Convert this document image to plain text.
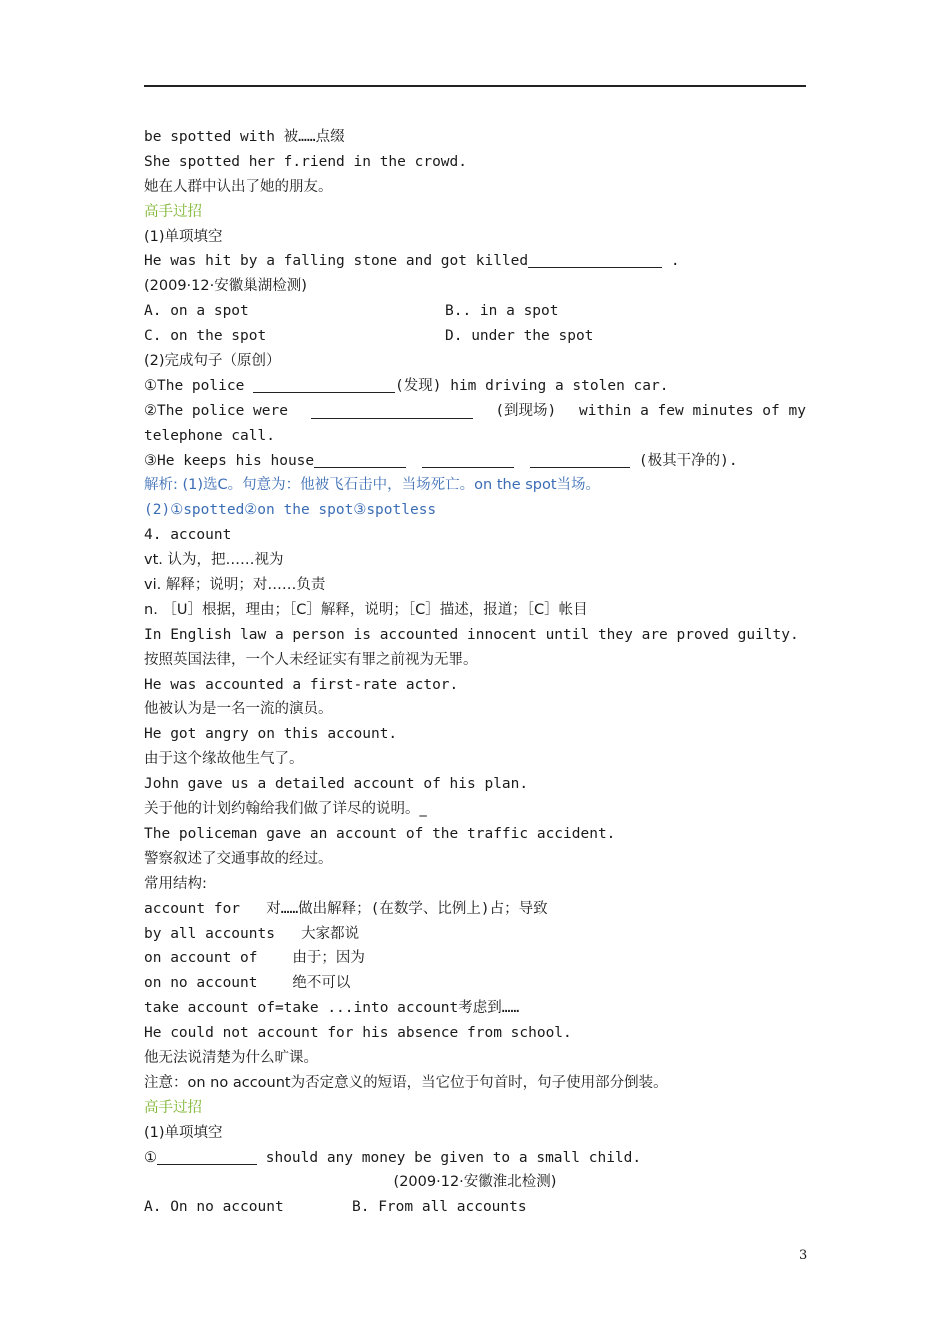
be spotted with 被……点缀
She spotted her f.riend in the crowd.
她在人群中认出了她的朋友。
高手过招
(1)单项填空
He was hit by a falling stone and got killed	.
(2009·12·安徽巢湖检测)
A. on a spot	B.. in a spot
C. on the spot	D. under the spot
(2)完成句子（原创）
①The police	(发现) him driving a stolen car.
②The police were	(到现场) within a few minutes of my
telephone call.
③He keeps his house	(极其干净的).
解析: (1)选C。句意为：他被飞石击中，当场死亡。on the spot当场。
(2)①spotted②on the spot③spotless
4. account
vt. 认为，把……视为
vi. 解释；说明；对……负责
n. ［U］根据，理由；［C］解释，说明；［C］描述，报道；［C］帐目
In English law a person is accounted innocent until they are proved guilty.
按照英国法律，一个人未经证实有罪之前视为无罪。
He was accounted a first-rate actor.
他被认为是一名一流的演员。
He got angry on this account.
由于这个缘故他生气了。
John gave us a detailed account of his plan.
关于他的计划约翰给我们做了详尽的说明。_
The policeman gave an account of the traffic accident.
警察叙述了交通事故的经过。
常用结构:
account for   对……做出解释；(在数学、比例上)占；导致
by all accounts   大家都说
on account of    由于；因为
on no account    绝不可以
take account of=take ...into account考虑到……
He could not account for his absence from school.
他无法说清楚为什么旷课。
注意：on no account为否定意义的短语，当它位于句首时，句子使用部分倒装。
高手过招
(1)单项填空
①	should any money be given to a small child.
(2009·12·安徽淮北检测)
A. On no account	B. From all accounts
3
